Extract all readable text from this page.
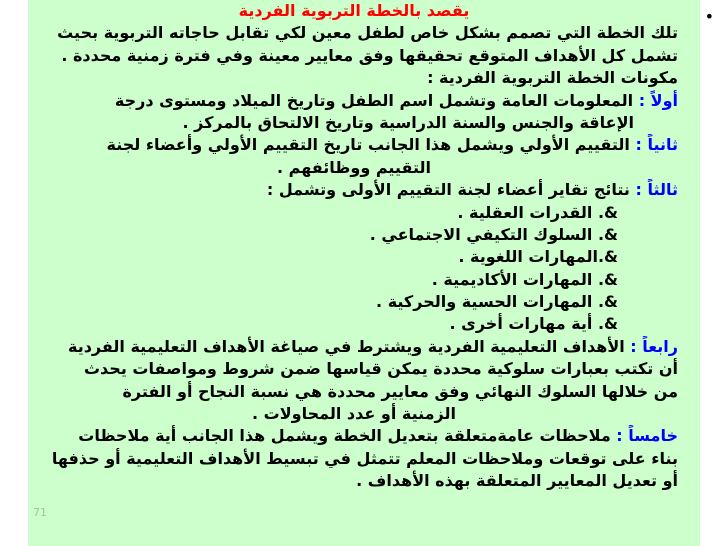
•
يقصد بالخطة التربوية الفردية
تلك الخطة التي تصمم بشكل خاص لطفل معين لكي تقابل حاجاته التربوية بحيث
تشمل كل الأهداف المتوقع تحقيقها وفق معايير معينة وفي فترة زمنية محددة .
مكونات الخطة التربوية الفردية :
أولاً : المعلومات العامة وتشمل اسم الطفل وتاريخ الميلاد ومستوى درجة
الإعاقة والجنس والسنة الدراسية وتاريخ الالتحاق بالمركز .
ثانياً : التقييم الأولي ويشمل هذا الجانب تاريخ التقييم الأولي وأعضاء لجنة
التقييم ووظائفهم .
ثالثاً : نتائج تقاير أعضاء لجنة التقييم الأولى وتشمل :
&. القدرات العقلية .
&. السلوك التكيفي الاجتماعي .
&.المهارات اللغوية .
&. المهارات الأكاديمية .
&. المهارات الحسية والحركية .
&. أية مهارات أخرى .
رابعاً : الأهداف التعليمية الفردية ويشترط في صياغة الأهداف التعليمية الفردية
أن تكتب بعبارات سلوكية محددة يمكن قياسها ضمن شروط ومواصفات يحدث
من خلالها السلوك النهائي وفق معايير محددة هي نسبة النجاح أو الفترة
الزمنية أو عدد المحاولات .
خامساً : ملاحظات عامةمتعلقة بتعديل الخطة ويشمل هذا الجانب أية ملاحظات
بناء على توقعات وملاحظات المعلم تتمثل في تبسيط الأهداف التعليمية أو حذفها
أو تعديل المعايير المتعلقة بهذه الأهداف .
71
